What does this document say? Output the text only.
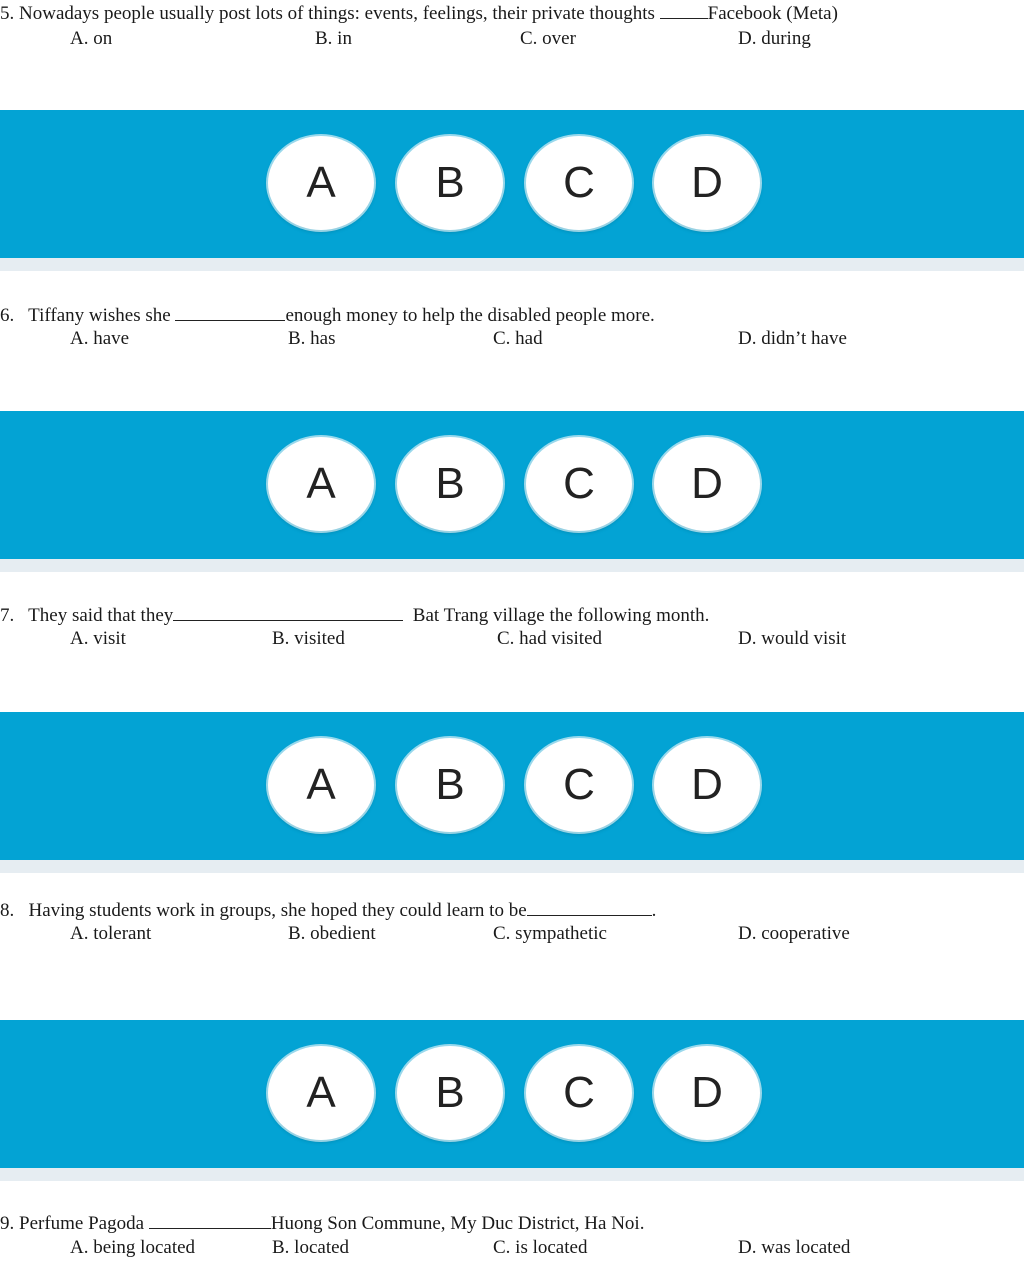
5. Nowadays people usually post lots of things: events, feelings, their private thoughts	Facebook (Meta)
A. on	B. in	C. over	D. during
A	B	C	D
6. Tiffany wishes she	enough money to help the disabled people more.
A. have	B. has	C. had	D. didn’t have
A	B	C	D
7. They said that they	Bat Trang village the following month.
A. visit	B. visited	C. had visited	D. would visit
A	B	C	D
8. Having students work in groups, she hoped they could learn to be	.
A. tolerant	B. obedient	C. sympathetic	D. cooperative
A	B	C	D
9. Perfume Pagoda	Huong Son Commune, My Duc District, Ha Noi.
A. being located	B. located	C. is located	D. was located
